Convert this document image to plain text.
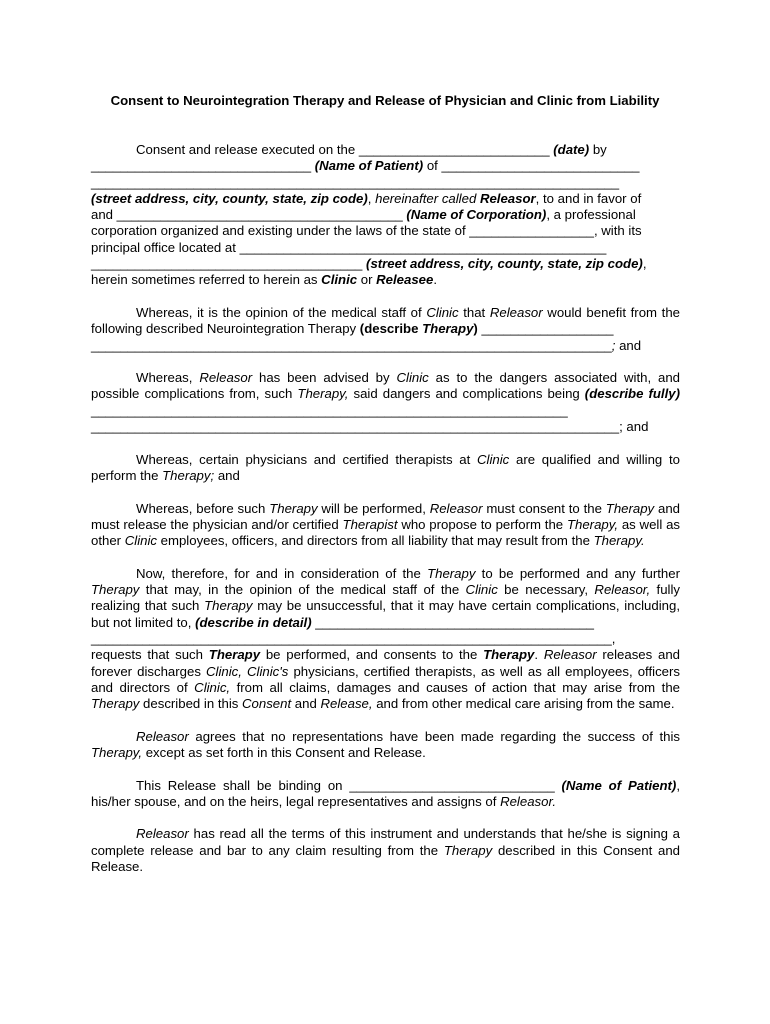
Consent to Neurointegration Therapy and Release of Physician and Clinic from Liability

Consent and release executed on the __________________________ (date) by
______________________________ (Name of Patient) of ___________________________
________________________________________________________________________
(street address, city, county, state, zip code), hereinafter called Releasor, to and in favor of
and _______________________________________ (Name of Corporation), a professional
corporation organized and existing under the laws of the state of _________________, with its
principal office located at __________________________________________________
_____________________________________ (street address, city, county, state, zip code),
herein sometimes referred to herein as Clinic or Releasee.

Whereas, it is the opinion of the medical staff of Clinic that Releasor would benefit from the following described Neurointegration Therapy (describe Therapy) __________________
_______________________________________________________________________; and

Whereas, Releasor has been advised by Clinic as to the dangers associated with, and possible complications from, such Therapy, said dangers and complications being (describe fully) _________________________________________________________________
________________________________________________________________________; and

Whereas, certain physicians and certified therapists at Clinic are qualified and willing to perform the Therapy; and

Whereas, before such Therapy will be performed, Releasor must consent to the Therapy and must release the physician and/or certified Therapist who propose to perform the Therapy, as well as other Clinic employees, officers, and directors from all liability that may result from the Therapy.

Now, therefore, for and in consideration of the Therapy to be performed and any further Therapy that may, in the opinion of the medical staff of the Clinic be necessary, Releasor, fully realizing that such Therapy may be unsuccessful, that it may have certain complications, including, but not limited to, (describe in detail) ______________________________________
_______________________________________________________________________,
requests that such Therapy be performed, and consents to the Therapy. Releasor releases and forever discharges Clinic, Clinic's physicians, certified therapists, as well as all employees, officers and directors of Clinic, from all claims, damages and causes of action that may arise from the Therapy described in this Consent and Release, and from other medical care arising from the same.

Releasor agrees that no representations have been made regarding the success of this Therapy, except as set forth in this Consent and Release.

This Release shall be binding on ____________________________ (Name of Patient), his/her spouse, and on the heirs, legal representatives and assigns of Releasor.

Releasor has read all the terms of this instrument and understands that he/she is signing a complete release and bar to any claim resulting from the Therapy described in this Consent and Release.
